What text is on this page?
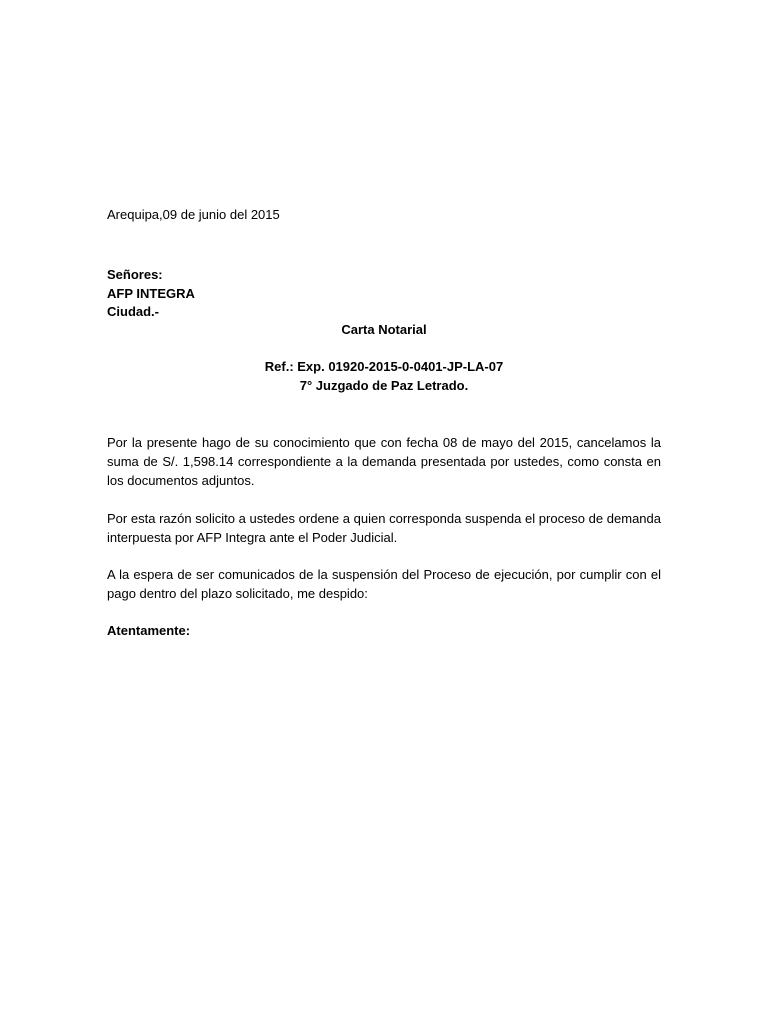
Arequipa,09 de junio del 2015
Señores:
AFP INTEGRA
Ciudad.-
Carta Notarial
Ref.: Exp. 01920-2015-0-0401-JP-LA-07
7° Juzgado de Paz Letrado.
Por la presente hago de su conocimiento que con fecha 08 de mayo del 2015, cancelamos la suma de S/. 1,598.14 correspondiente a la demanda presentada por ustedes, como consta en los documentos adjuntos.
Por esta razón solicito a ustedes ordene a quien corresponda suspenda el proceso de demanda interpuesta por AFP Integra ante el Poder Judicial.
A la espera de ser comunicados de la suspensión del Proceso de ejecución, por cumplir con el pago dentro del plazo solicitado, me despido:
Atentamente:
